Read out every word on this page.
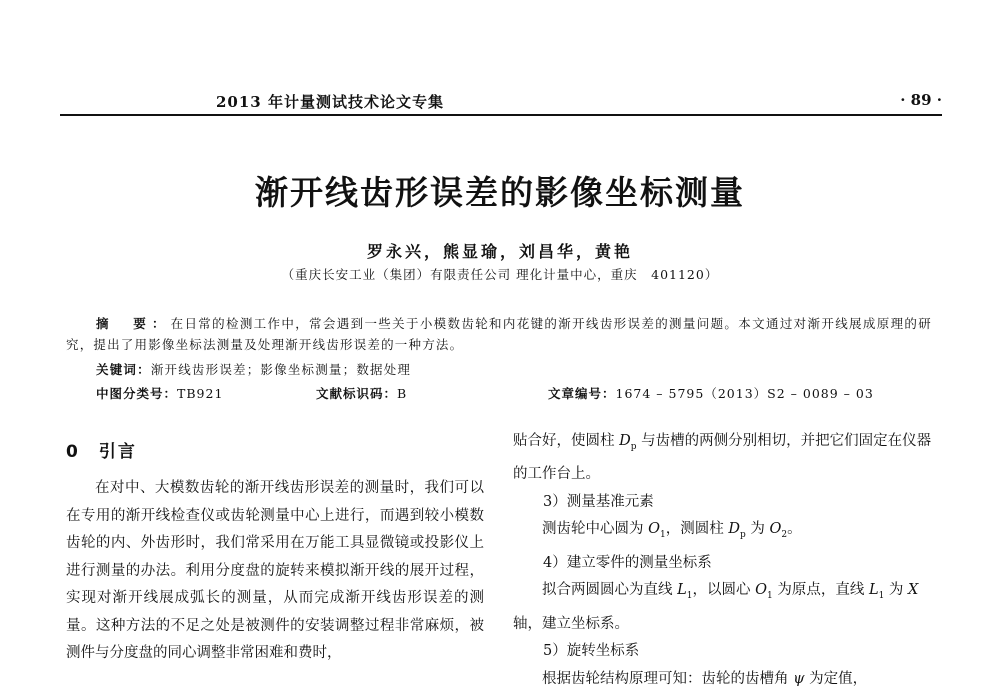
2013 年计量测试技术论文专集	· 89 ·
渐开线齿形误差的影像坐标测量
罗永兴，熊显瑜，刘昌华，黄艳
（重庆长安工业（集团）有限责任公司 理化计量中心，重庆　401120）
摘　要：在日常的检测工作中，常会遇到一些关于小模数齿轮和内花键的渐开线齿形误差的测量问题。本文通过对渐开线展成原理的研究，提出了用影像坐标法测量及处理渐开线齿形误差的一种方法。
关键词：渐开线齿形误差；影像坐标测量；数据处理
中图分类号：TB921	文献标识码：B	文章编号：1674 – 5795（2013）S2 – 0089 – 03
0　引言
在对中、大模数齿轮的渐开线齿形误差的测量时，我们可以在专用的渐开线检查仪或齿轮测量中心上进行，而遇到较小模数齿轮的内、外齿形时，我们常采用在万能工具显微镜或投影仪上进行测量的办法。利用分度盘的旋转来模拟渐开线的展开过程，实现对渐开线展成弧长的测量，从而完成渐开线齿形误差的测量。这种方法的不足之处是被测件的安装调整过程非常麻烦，被测件与分度盘的同心调整非常困难和费时，

贴合好，使圆柱 $D_p$ 与齿槽的两侧分别相切，并把它们固定在仪器的工作台上。

3）测量基准元素

测齿轮中心圆为 $O_1$，测圆柱 $D_p$ 为 $O_2$。

4）建立零件的测量坐标系

拟合两圆圆心为直线 $L_1$，以圆心 $O_1$ 为原点，直线 $L_1$ 为 X 轴，建立坐标系。

5）旋转坐标系

根据齿轮结构原理可知：齿轮的齿槽角 ψ 为定值，
